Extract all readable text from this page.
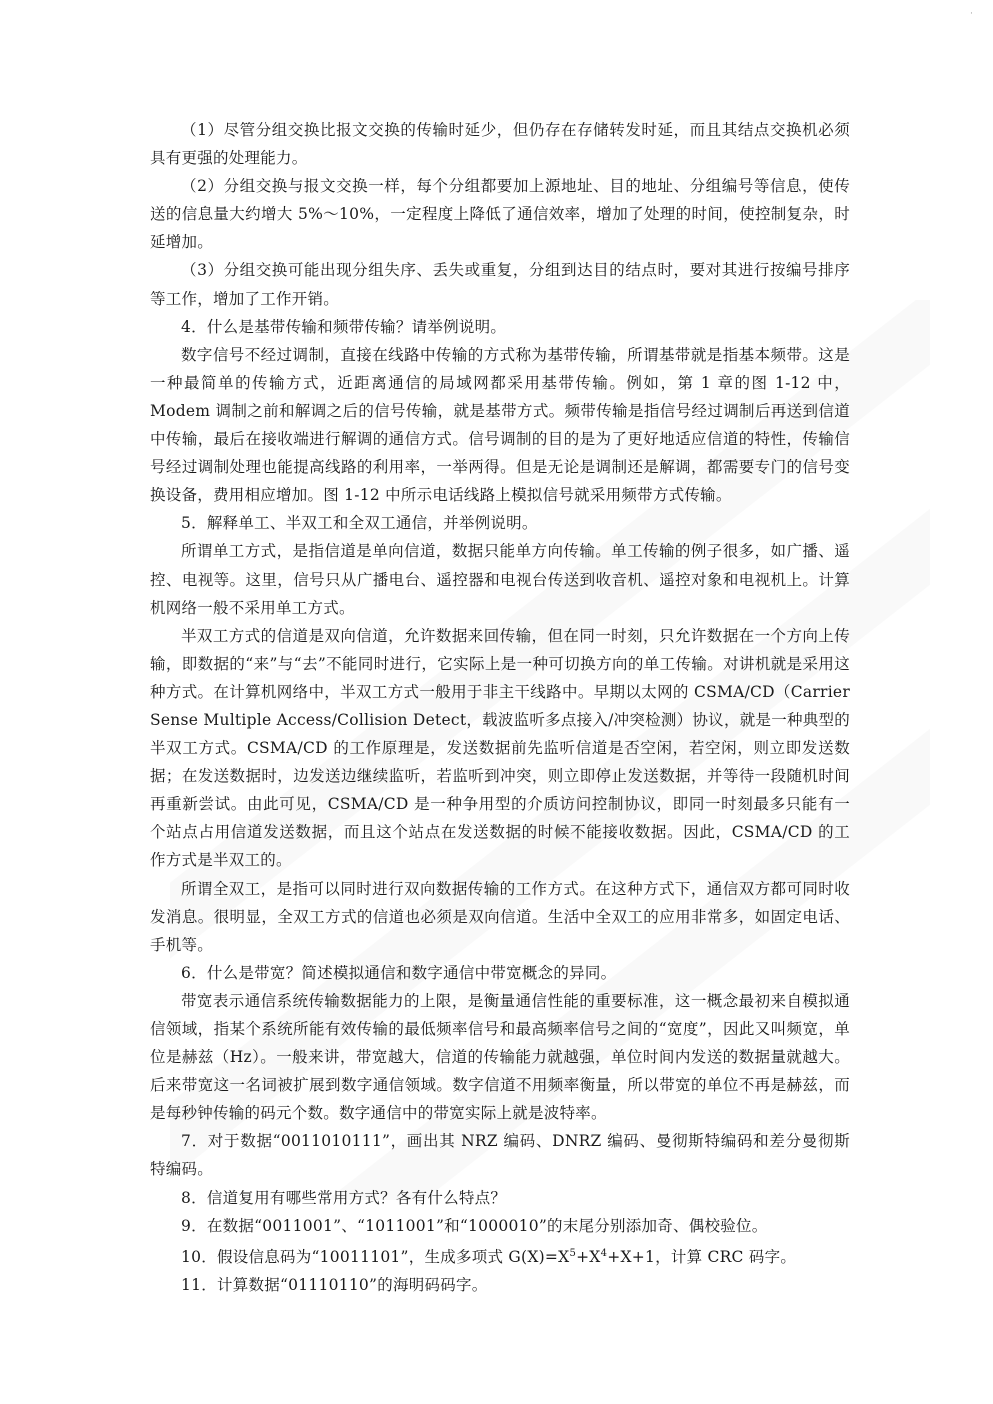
·

（1）尽管分组交换比报文交换的传输时延少，但仍存在存储转发时延，而且其结点交换机必须具有更强的处理能力。

（2）分组交换与报文交换一样，每个分组都要加上源地址、目的地址、分组编号等信息，使传送的信息量大约增大 5%～10%，一定程度上降低了通信效率，增加了处理的时间，使控制复杂，时延增加。

（3）分组交换可能出现分组失序、丢失或重复，分组到达目的结点时，要对其进行按编号排序等工作，增加了工作开销。

4．什么是基带传输和频带传输？请举例说明。

数字信号不经过调制，直接在线路中传输的方式称为基带传输，所谓基带就是指基本频带。这是一种最简单的传输方式，近距离通信的局域网都采用基带传输。例如，第 1 章的图 1-12 中，Modem 调制之前和解调之后的信号传输，就是基带方式。频带传输是指信号经过调制后再送到信道中传输，最后在接收端进行解调的通信方式。信号调制的目的是为了更好地适应信道的特性，传输信号经过调制处理也能提高线路的利用率，一举两得。但是无论是调制还是解调，都需要专门的信号变换设备，费用相应增加。图 1-12 中所示电话线路上模拟信号就采用频带方式传输。

5．解释单工、半双工和全双工通信，并举例说明。

所谓单工方式，是指信道是单向信道，数据只能单方向传输。单工传输的例子很多，如广播、遥控、电视等。这里，信号只从广播电台、遥控器和电视台传送到收音机、遥控对象和电视机上。计算机网络一般不采用单工方式。

半双工方式的信道是双向信道，允许数据来回传输，但在同一时刻，只允许数据在一个方向上传输，即数据的“来”与“去”不能同时进行，它实际上是一种可切换方向的单工传输。对讲机就是采用这种方式。在计算机网络中，半双工方式一般用于非主干线路中。早期以太网的 CSMA/CD（Carrier Sense Multiple Access/Collision Detect，载波监听多点接入/冲突检测）协议，就是一种典型的半双工方式。CSMA/CD 的工作原理是，发送数据前先监听信道是否空闲，若空闲，则立即发送数据；在发送数据时，边发送边继续监听，若监听到冲突，则立即停止发送数据，并等待一段随机时间再重新尝试。由此可见，CSMA/CD 是一种争用型的介质访问控制协议，即同一时刻最多只能有一个站点占用信道发送数据，而且这个站点在发送数据的时候不能接收数据。因此，CSMA/CD 的工作方式是半双工的。

所谓全双工，是指可以同时进行双向数据传输的工作方式。在这种方式下，通信双方都可同时收发消息。很明显，全双工方式的信道也必须是双向信道。生活中全双工的应用非常多，如固定电话、手机等。

6．什么是带宽？简述模拟通信和数字通信中带宽概念的异同。

带宽表示通信系统传输数据能力的上限，是衡量通信性能的重要标准，这一概念最初来自模拟通信领域，指某个系统所能有效传输的最低频率信号和最高频率信号之间的“宽度”，因此又叫频宽，单位是赫兹（Hz）。一般来讲，带宽越大，信道的传输能力就越强，单位时间内发送的数据量就越大。后来带宽这一名词被扩展到数字通信领域。数字信道不用频率衡量，所以带宽的单位不再是赫兹，而是每秒钟传输的码元个数。数字通信中的带宽实际上就是波特率。

7．对于数据“0011010111”，画出其 NRZ 编码、DNRZ 编码、曼彻斯特编码和差分曼彻斯特编码。

8．信道复用有哪些常用方式？各有什么特点？

9．在数据“0011001”、“1011001”和“1000010”的末尾分别添加奇、偶校验位。

10．假设信息码为“10011101”，生成多项式 $G(X)=X^5+X^4+X+1$，计算 CRC 码字。

11．计算数据“01110110”的海明码码字。
